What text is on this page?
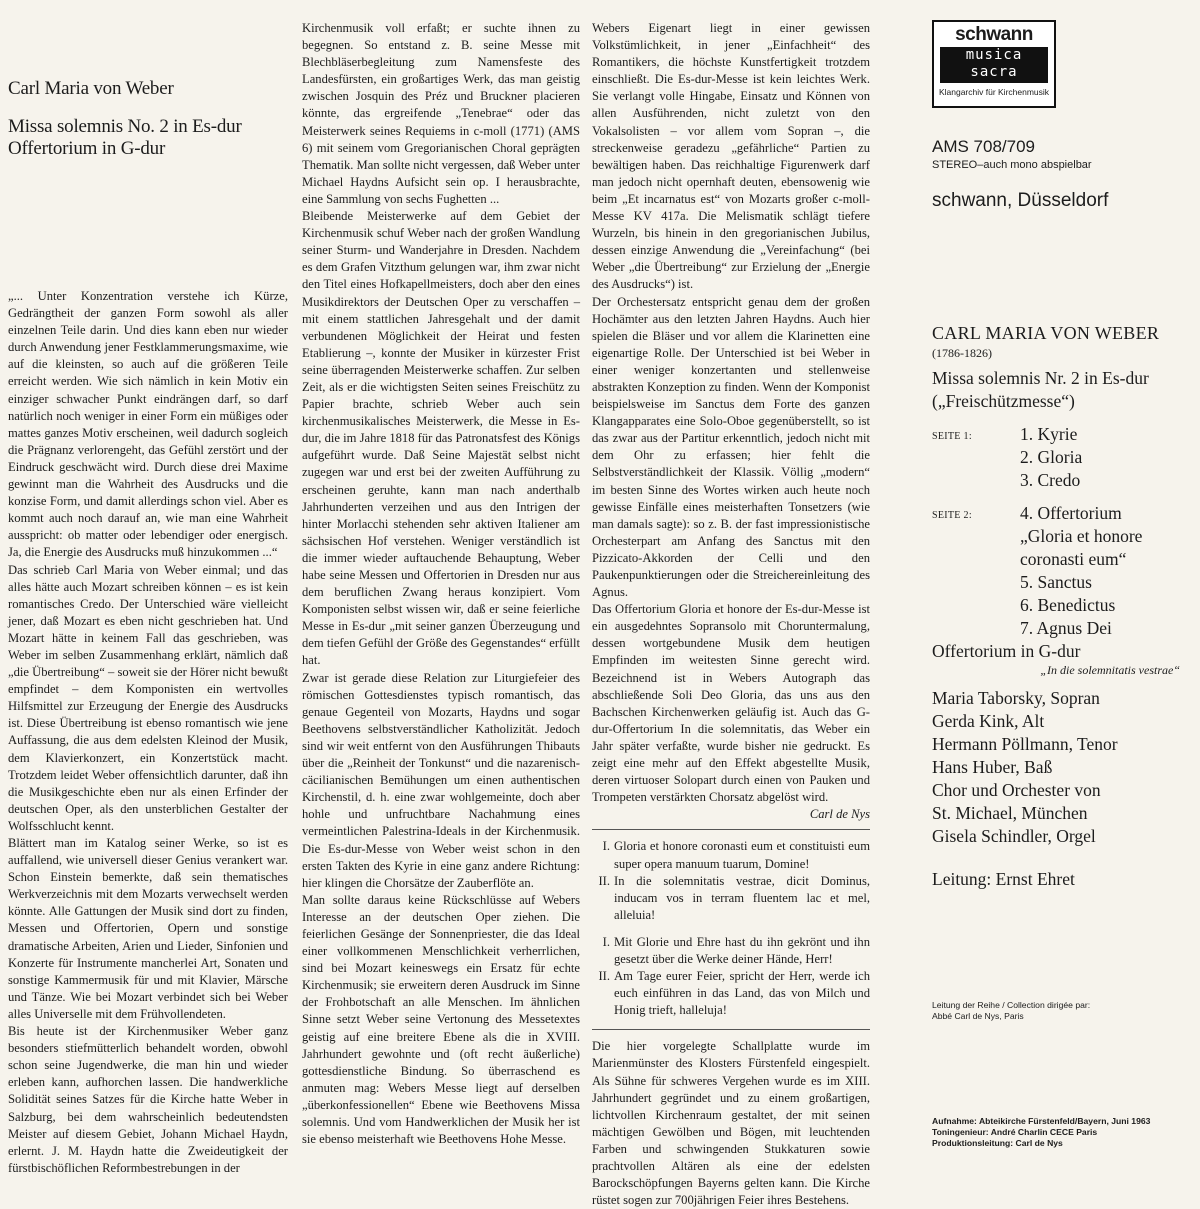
Carl Maria von Weber
Missa solemnis No. 2 in Es-dur
Offertorium in G-dur

„... Unter Konzentration verstehe ich Kürze, Gedrängtheit der ganzen Form sowohl als aller einzelnen Teile darin. Und dies kann eben nur wieder durch Anwendung jener Festklammerungsmaxime, wie auf die kleinsten, so auch auf die größeren Teile erreicht werden. Wie sich nämlich in kein Motiv ein einziger schwacher Punkt eindrängen darf, so darf natürlich noch weniger in einer Form ein müßiges oder mattes ganzes Motiv erscheinen, weil dadurch sogleich die Prägnanz verlorengeht, das Gefühl zerstört und der Eindruck geschwächt wird. Durch diese drei Maxime gewinnt man die Wahrheit des Ausdrucks und die konzise Form, und damit allerdings schon viel. Aber es kommt auch noch darauf an, wie man eine Wahrheit ausspricht: ob matter oder lebendiger oder energisch. Ja, die Energie des Ausdrucks muß hinzukommen ...“

Das schrieb Carl Maria von Weber einmal; und das alles hätte auch Mozart schreiben können – es ist kein romantisches Credo. Der Unterschied wäre vielleicht jener, daß Mozart es eben nicht geschrieben hat. Und Mozart hätte in keinem Fall das geschrieben, was Weber im selben Zusammenhang erklärt, nämlich daß „die Übertreibung“ – soweit sie der Hörer nicht bewußt empfindet – dem Komponisten ein wertvolles Hilfsmittel zur Erzeugung der Energie des Ausdrucks ist. Diese Übertreibung ist ebenso romantisch wie jene Auffassung, die aus dem edelsten Kleinod der Musik, dem Klavierkonzert, ein Konzertstück macht. Trotzdem leidet Weber offensichtlich darunter, daß ihn die Musikgeschichte eben nur als einen Erfinder der deutschen Oper, als den unsterblichen Gestalter der Wolfsschlucht kennt.

Blättert man im Katalog seiner Werke, so ist es auffallend, wie universell dieser Genius verankert war. Schon Einstein bemerkte, daß sein thematisches Werkverzeichnis mit dem Mozarts verwechselt werden könnte. Alle Gattungen der Musik sind dort zu finden, Messen und Offertorien, Opern und sonstige dramatische Arbeiten, Arien und Lieder, Sinfonien und Konzerte für Instrumente mancherlei Art, Sonaten und sonstige Kammermusik für und mit Klavier, Märsche und Tänze. Wie bei Mozart verbindet sich bei Weber alles Universelle mit dem Frühvollendeten.

Bis heute ist der Kirchenmusiker Weber ganz besonders stiefmütterlich behandelt worden, obwohl schon seine Jugendwerke, die man hin und wieder erleben kann, aufhorchen lassen. Die handwerkliche Solidität seines Satzes für die Kirche hatte Weber in Salzburg, bei dem wahrscheinlich bedeutendsten Meister auf diesem Gebiet, Johann Michael Haydn, erlernt. J. M. Haydn hatte die Zweideutigkeit der fürstbischöflichen Reformbestrebungen in der

Kirchenmusik voll erfaßt; er suchte ihnen zu begegnen. So entstand z. B. seine Messe mit Blechbläserbegleitung zum Namensfeste des Landesfürsten, ein großartiges Werk, das man geistig zwischen Josquin des Préz und Bruckner placieren könnte, das ergreifende „Tenebrae“ oder das Meisterwerk seines Requiems in c-moll (1771) (AMS 6) mit seinem vom Gregorianischen Choral geprägten Thematik. Man sollte nicht vergessen, daß Weber unter Michael Haydns Aufsicht sein op. I herausbrachte, eine Sammlung von sechs Fughetten ...

Bleibende Meisterwerke auf dem Gebiet der Kirchenmusik schuf Weber nach der großen Wandlung seiner Sturm- und Wanderjahre in Dresden. Nachdem es dem Grafen Vitzthum gelungen war, ihm zwar nicht den Titel eines Hofkapellmeisters, doch aber den eines Musikdirektors der Deutschen Oper zu verschaffen – mit einem stattlichen Jahresgehalt und der damit verbundenen Möglichkeit der Heirat und festen Etablierung –, konnte der Musiker in kürzester Frist seine überragenden Meisterwerke schaffen. Zur selben Zeit, als er die wichtigsten Seiten seines Freischütz zu Papier brachte, schrieb Weber auch sein kirchenmusikalisches Meisterwerk, die Messe in Es-dur, die im Jahre 1818 für das Patronatsfest des Königs aufgeführt wurde. Daß Seine Majestät selbst nicht zugegen war und erst bei der zweiten Aufführung zu erscheinen geruhte, kann man nach anderthalb Jahrhunderten verzeihen und aus den Intrigen der hinter Morlacchi stehenden sehr aktiven Italiener am sächsischen Hof verstehen. Weniger verständlich ist die immer wieder auftauchende Behauptung, Weber habe seine Messen und Offertorien in Dresden nur aus dem beruflichen Zwang heraus konzipiert. Vom Komponisten selbst wissen wir, daß er seine feierliche Messe in Es-dur „mit seiner ganzen Überzeugung und dem tiefen Gefühl der Größe des Gegenstandes“ erfüllt hat.

Zwar ist gerade diese Relation zur Liturgiefeier des römischen Gottesdienstes typisch romantisch, das genaue Gegenteil von Mozarts, Haydns und sogar Beethovens selbstverständlicher Katholizität. Jedoch sind wir weit entfernt von den Ausführungen Thibauts über die „Reinheit der Tonkunst“ und die nazarenisch-cäcilianischen Bemühungen um einen authentischen Kirchenstil, d. h. eine zwar wohlgemeinte, doch aber hohle und unfruchtbare Nachahmung eines vermeintlichen Palestrina-Ideals in der Kirchenmusik. Die Es-dur-Messe von Weber weist schon in den ersten Takten des Kyrie in eine ganz andere Richtung: hier klingen die Chorsätze der Zauberflöte an.

Man sollte daraus keine Rückschlüsse auf Webers Interesse an der deutschen Oper ziehen. Die feierlichen Gesänge der Sonnenpriester, die das Ideal einer vollkommenen Menschlichkeit verherrlichen, sind bei Mozart keineswegs ein Ersatz für echte Kirchenmusik; sie erweitern deren Ausdruck im Sinne der Frohbotschaft an alle Menschen. Im ähnlichen Sinne setzt Weber seine Vertonung des Messetextes geistig auf eine breitere Ebene als die in XVIII. Jahrhundert gewohnte und (oft recht äußerliche) gottesdienstliche Bindung. So überraschend es anmuten mag: Webers Messe liegt auf derselben „überkonfessionellen“ Ebene wie Beethovens Missa solemnis. Und vom Handwerklichen der Musik her ist sie ebenso meisterhaft wie Beethovens Hohe Messe.

Webers Eigenart liegt in einer gewissen Volkstümlichkeit, in jener „Einfachheit“ des Romantikers, die höchste Kunstfertigkeit trotzdem einschließt. Die Es-dur-Messe ist kein leichtes Werk. Sie verlangt volle Hingabe, Einsatz und Können von allen Ausführenden, nicht zuletzt von den Vokalsolisten – vor allem vom Sopran –, die streckenweise geradezu „gefährliche“ Partien zu bewältigen haben. Das reichhaltige Figurenwerk darf man jedoch nicht opernhaft deuten, ebensowenig wie beim „Et incarnatus est“ von Mozarts großer c-moll-Messe KV 417a. Die Melismatik schlägt tiefere Wurzeln, bis hinein in den gregorianischen Jubilus, dessen einzige Anwendung die „Vereinfachung“ (bei Weber „die Übertreibung“ zur Erzielung der „Energie des Ausdrucks“) ist.

Der Orchestersatz entspricht genau dem der großen Hochämter aus den letzten Jahren Haydns. Auch hier spielen die Bläser und vor allem die Klarinetten eine eigenartige Rolle. Der Unterschied ist bei Weber in einer weniger konzertanten und stellenweise abstrakten Konzeption zu finden. Wenn der Komponist beispielsweise im Sanctus dem Forte des ganzen Klangapparates eine Solo-Oboe gegenüberstellt, so ist das zwar aus der Partitur erkenntlich, jedoch nicht mit dem Ohr zu erfassen; hier fehlt die Selbstverständlichkeit der Klassik. Völlig „modern“ im besten Sinne des Wortes wirken auch heute noch gewisse Einfälle eines meisterhaften Tonsetzers (wie man damals sagte): so z. B. der fast impressionistische Orchesterpart am Anfang des Sanctus mit den Pizzicato-Akkorden der Celli und den Paukenpunktierungen oder die Streichereinleitung des Agnus.

Das Offertorium Gloria et honore der Es-dur-Messe ist ein ausgedehntes Sopransolo mit Choruntermalung, dessen wortgebundene Musik dem heutigen Empfinden im weitesten Sinne gerecht wird. Bezeichnend ist in Webers Autograph das abschließende Soli Deo Gloria, das uns aus den Bachschen Kirchenwerken geläufig ist. Auch das G-dur-Offertorium In die solemnitatis, das Weber ein Jahr später verfaßte, wurde bisher nie gedruckt. Es zeigt eine mehr auf den Effekt abgestellte Musik, deren virtuoser Solopart durch einen von Pauken und Trompeten verstärkten Chorsatz abgelöst wird.

Carl de Nys

I. Gloria et honore coronasti eum et constituisti eum super opera manuum tuarum, Domine!
II. In die solemnitatis vestrae, dicit Dominus, inducam vos in terram fluentem lac et mel, alleluia!
I. Mit Glorie und Ehre hast du ihn gekrönt und ihn gesetzt über die Werke deiner Hände, Herr!
II. Am Tage eurer Feier, spricht der Herr, werde ich euch einführen in das Land, das von Milch und Honig trieft, halleluja!

Die hier vorgelegte Schallplatte wurde im Marienmünster des Klosters Fürstenfeld eingespielt. Als Sühne für schweres Vergehen wurde es im XIII. Jahrhundert gegründet und zu einem großartigen, lichtvollen Kirchenraum gestaltet, der mit seinen mächtigen Gewölben und Bögen, mit leuchtenden Farben und schwingenden Stukkaturen sowie prachtvollen Altären als eine der edelsten Barockschöpfungen Bayerns gelten kann. Die Kirche rüstet sogen zur 700jährigen Feier ihres Bestehens.

schwann
musica
sacra
Klangarchiv für Kirchenmusik
AMS 708/709
STEREO–auch mono abspielbar
schwann, Düsseldorf
CARL MARIA VON WEBER
(1786-1826)
Missa solemnis Nr. 2 in Es-dur
(„Freischützmesse“)
SEITE 1:	1. Kyrie
2. Gloria
3. Credo
SEITE 2:	4. Offertorium
„Gloria et honore
coronasti eum“
5. Sanctus
6. Benedictus
7. Agnus Dei
Offertorium in G-dur
„In die solemnitatis vestrae“
Maria Taborsky, Sopran
Gerda Kink, Alt
Hermann Pöllmann, Tenor
Hans Huber, Baß
Chor und Orchester von
St. Michael, München
Gisela Schindler, Orgel
Leitung: Ernst Ehret
Leitung der Reihe / Collection dirigée par:
Abbé Carl de Nys, Paris
Aufnahme: Abteikirche Fürstenfeld/Bayern, Juni 1963
Toningenieur: André Charlin CECE Paris
Produktionsleitung: Carl de Nys
